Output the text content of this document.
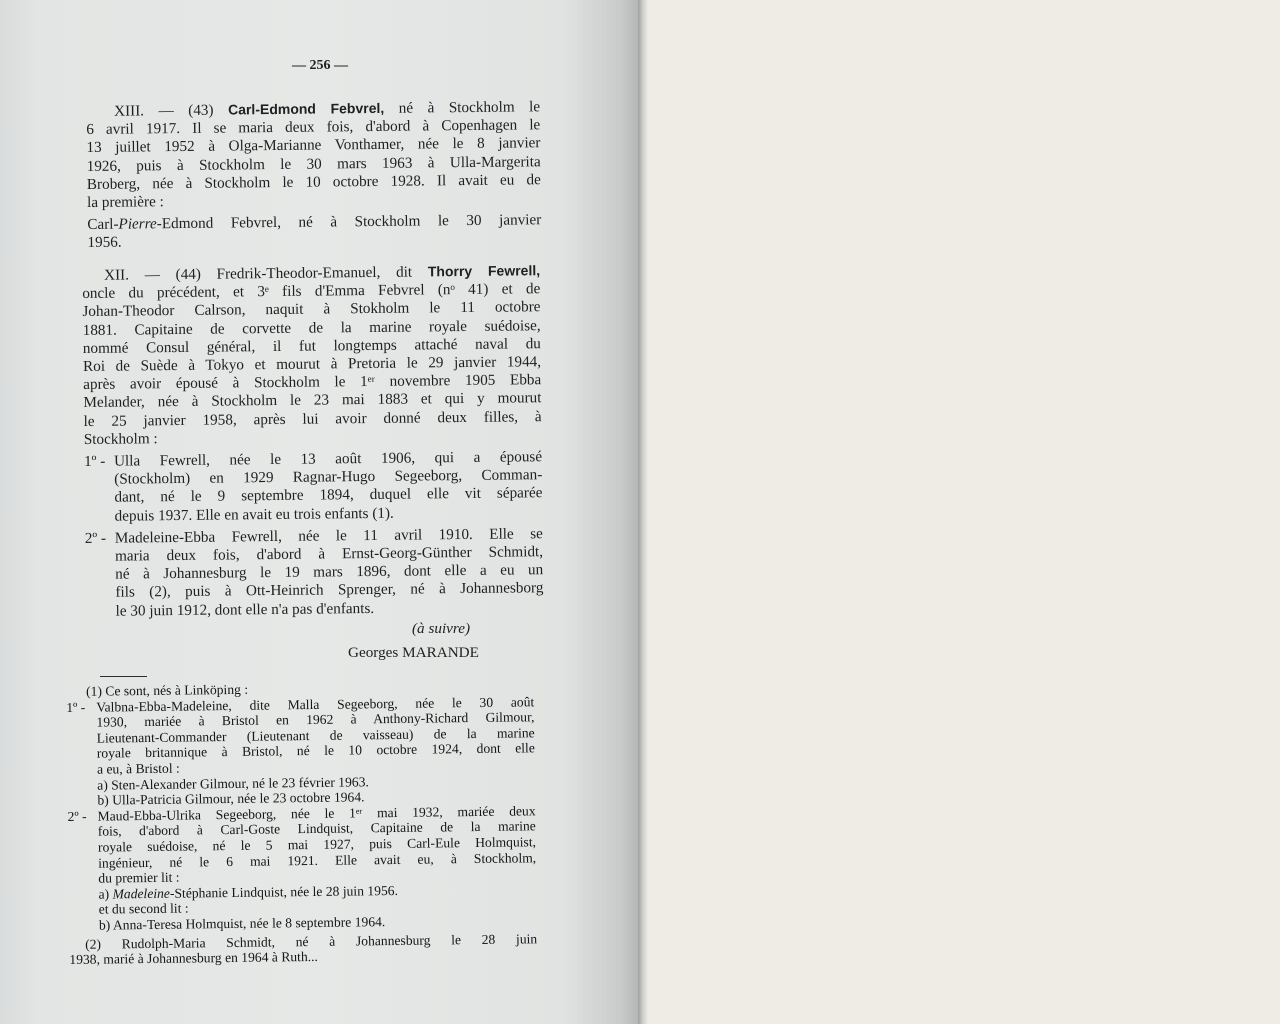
— 256 —

XIII. — (43) Carl-Edmond Febvrel, né à Stockholm le

6 avril 1917. Il se maria deux fois, d'abord à Copenhagen le

13 juillet 1952 à Olga-Marianne Vonthamer, née le 8 janvier

1926, puis à Stockholm le 30 mars 1963 à Ulla-Margerita

Broberg, née à Stockholm le 10 octobre 1928. Il avait eu de

la première :

Carl-Pierre-Edmond Febvrel, né à Stockholm le 30 janvier

1956.

XII. — (44) Fredrik-Theodor-Emanuel, dit Thorry Fewrell,

oncle du précédent, et 3ᵉ fils d'Emma Febvrel (nᵒ 41) et de

Johan-Theodor Calrson, naquit à Stokholm le 11 octobre

1881. Capitaine de corvette de la marine royale suédoise,

nommé Consul général, il fut longtemps attaché naval du

Roi de Suède à Tokyo et mourut à Pretoria le 29 janvier 1944,

après avoir épousé à Stockholm le 1ᵉʳ novembre 1905 Ebba

Melander, née à Stockholm le 23 mai 1883 et qui y mourut

le 25 janvier 1958, après lui avoir donné deux filles, à

Stockholm :

1º - Ulla Fewrell, née le 13 août 1906, qui a épousé

(Stockholm) en 1929 Ragnar-Hugo Segeeborg, Comman-

dant, né le 9 septembre 1894, duquel elle vit séparée

depuis 1937. Elle en avait eu trois enfants (1).

2º - Madeleine-Ebba Fewrell, née le 11 avril 1910. Elle se

maria deux fois, d'abord à Ernst-Georg-Günther Schmidt,

né à Johannesburg le 19 mars 1896, dont elle a eu un

fils (2), puis à Ott-Heinrich Sprenger, né à Johannesborg

le 30 juin 1912, dont elle n'a pas d'enfants.

(à suivre)
Georges MARANDE

(1) Ce sont, nés à Linköping :

1º - Valbna-Ebba-Madeleine, dite Malla Segeeborg, née le 30 août

1930, mariée à Bristol en 1962 à Anthony-Richard Gilmour,

Lieutenant-Commander (Lieutenant de vaisseau) de la marine

royale britannique à Bristol, né le 10 octobre 1924, dont elle

a eu, à Bristol :

a) Sten-Alexander Gilmour, né le 23 février 1963.

b) Ulla-Patricia Gilmour, née le 23 octobre 1964.

2º - Maud-Ebba-Ulrika Segeeborg, née le 1ᵉʳ mai 1932, mariée deux

fois, d'abord à Carl-Goste Lindquist, Capitaine de la marine

royale suédoise, né le 5 mai 1927, puis Carl-Eule Holmquist,

ingénieur, né le 6 mai 1921. Elle avait eu, à Stockholm,

du premier lit :

a) Madeleine-Stéphanie Lindquist, née le 28 juin 1956.

et du second lit :

b) Anna-Teresa Holmquist, née le 8 septembre 1964.

(2) Rudolph-Maria Schmidt, né à Johannesburg le 28 juin

1938, marié à Johannesburg en 1964 à Ruth...
